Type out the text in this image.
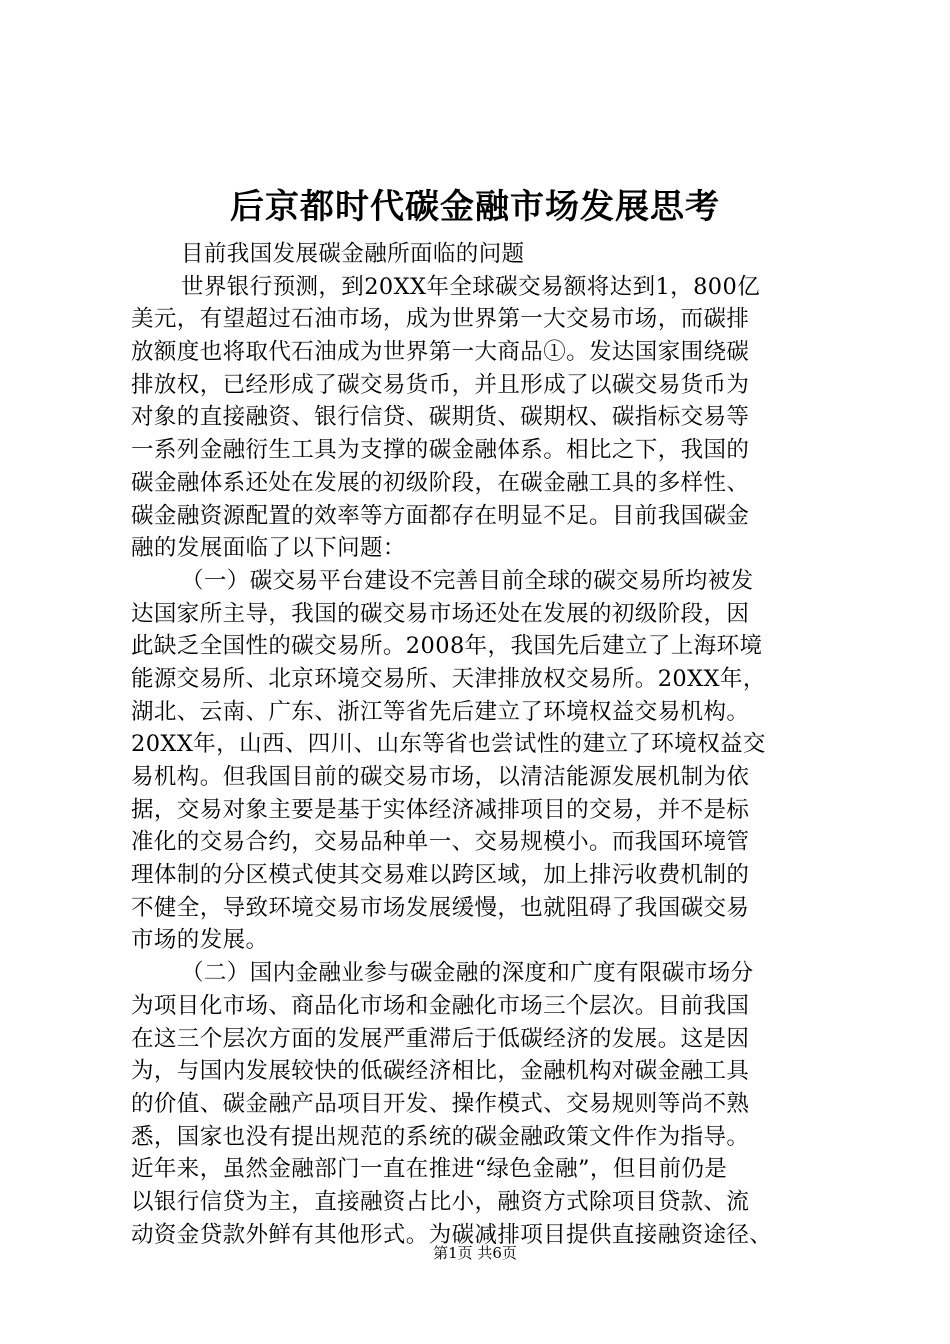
后京都时代碳金融市场发展思考
目前我国发展碳金融所面临的问题
世界银行预测，到20XX年全球碳交易额将达到1，800亿
美元，有望超过石油市场，成为世界第一大交易市场，而碳排
放额度也将取代石油成为世界第一大商品①。发达国家围绕碳
排放权，已经形成了碳交易货币，并且形成了以碳交易货币为
对象的直接融资、银行信贷、碳期货、碳期权、碳指标交易等
一系列金融衍生工具为支撑的碳金融体系。相比之下，我国的
碳金融体系还处在发展的初级阶段，在碳金融工具的多样性、
碳金融资源配置的效率等方面都存在明显不足。目前我国碳金
融的发展面临了以下问题：
（一）碳交易平台建设不完善目前全球的碳交易所均被发
达国家所主导，我国的碳交易市场还处在发展的初级阶段，因
此缺乏全国性的碳交易所。2008年，我国先后建立了上海环境
能源交易所、北京环境交易所、天津排放权交易所。20XX年，
湖北、云南、广东、浙江等省先后建立了环境权益交易机构。
20XX年，山西、四川、山东等省也尝试性的建立了环境权益交
易机构。但我国目前的碳交易市场，以清洁能源发展机制为依
据，交易对象主要是基于实体经济减排项目的交易，并不是标
准化的交易合约，交易品种单一、交易规模小。而我国环境管
理体制的分区模式使其交易难以跨区域，加上排污收费机制的
不健全，导致环境交易市场发展缓慢，也就阻碍了我国碳交易
市场的发展。
（二）国内金融业参与碳金融的深度和广度有限碳市场分
为项目化市场、商品化市场和金融化市场三个层次。目前我国
在这三个层次方面的发展严重滞后于低碳经济的发展。这是因
为，与国内发展较快的低碳经济相比，金融机构对碳金融工具
的价值、碳金融产品项目开发、操作模式、交易规则等尚不熟
悉，国家也没有提出规范的系统的碳金融政策文件作为指导。
近年来，虽然金融部门一直在推进“绿色金融”，但目前仍是
以银行信贷为主，直接融资占比小，融资方式除项目贷款、流
动资金贷款外鲜有其他形式。为碳减排项目提供直接融资途径、
第1页 共6页
